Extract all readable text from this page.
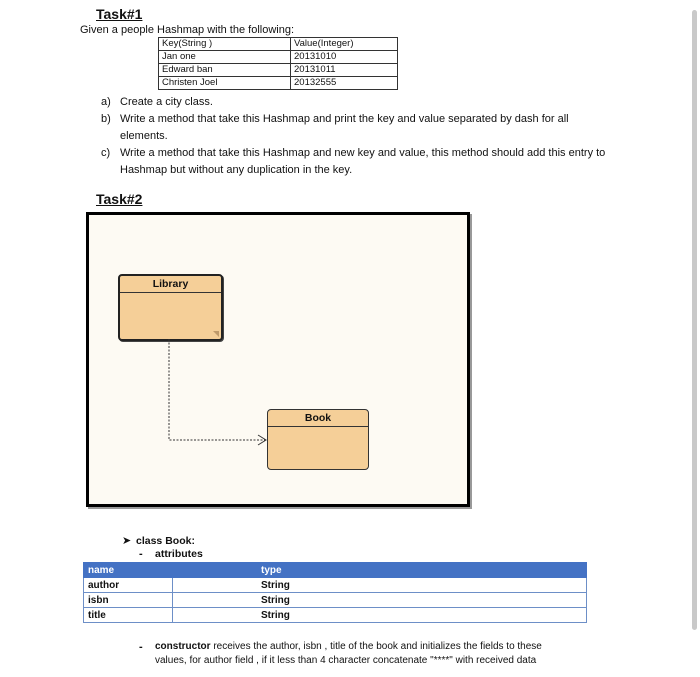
Task#1
Given a people Hashmap with the following:
Key(String )	Value(Integer)
Jan one	20131010
Edward ban	20131011
Christen Joel	20132555
a) Create a city class.
b) Write a method that take this Hashmap and print the key and value separated by dash for all
elements.
c) Write a method that take this Hashmap and new key and value, this method should add this entry to
Hashmap but without any duplication in the key.
Task#2
Library
Book
➤ class Book:
- attributes
name	type
author	String
isbn	String
title	String
- constructor receives the author, isbn , title of the book and initializes the fields to these
values, for author field , if it less than 4 character concatenate "****" with received data
